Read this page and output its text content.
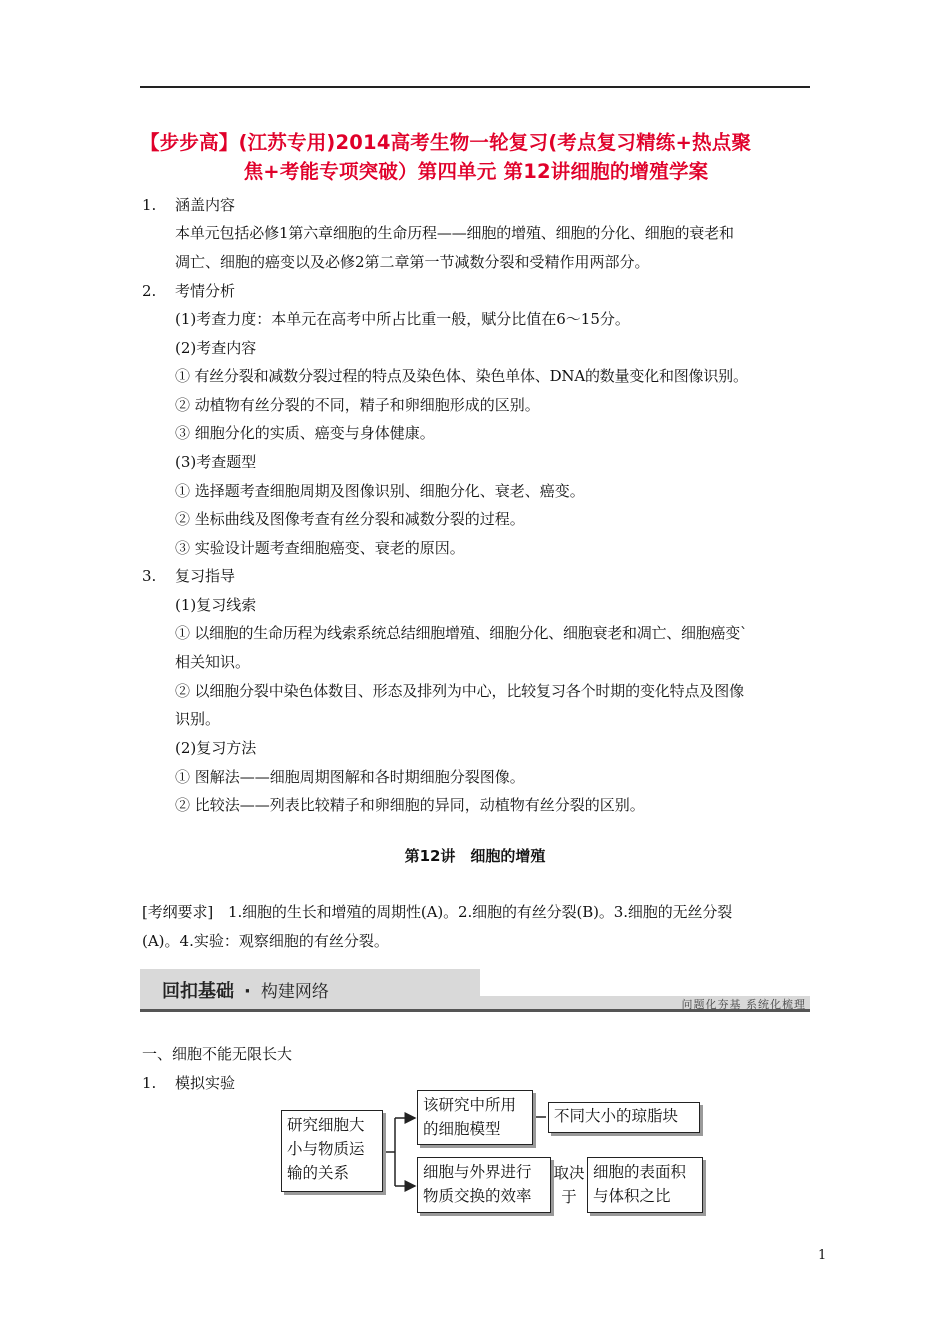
【步步高】(江苏专用)2014高考生物一轮复习(考点复习精练+热点聚
焦+考能专项突破）第四单元 第12讲细胞的增殖学案
1. 涵盖内容
本单元包括必修1第六章细胞的生命历程——细胞的增殖、细胞的分化、细胞的衰老和
凋亡、细胞的癌变以及必修2第二章第一节减数分裂和受精作用两部分。
2. 考情分析
(1)考查力度：本单元在高考中所占比重一般，赋分比值在6～15分。
(2)考查内容
① 有丝分裂和减数分裂过程的特点及染色体、染色单体、DNA的数量变化和图像识别。
② 动植物有丝分裂的不同，精子和卵细胞形成的区别。
③ 细胞分化的实质、癌变与身体健康。
(3)考查题型
① 选择题考查细胞周期及图像识别、细胞分化、衰老、癌变。
② 坐标曲线及图像考查有丝分裂和减数分裂的过程。
③ 实验设计题考查细胞癌变、衰老的原因。
3. 复习指导
(1)复习线索
① 以细胞的生命历程为线索系统总结细胞增殖、细胞分化、细胞衰老和凋亡、细胞癌变`
相关知识。
② 以细胞分裂中染色体数目、形态及排列为中心，比较复习各个时期的变化特点及图像
识别。
(2)复习方法
① 图解法——细胞周期图解和各时期细胞分裂图像。
② 比较法——列表比较精子和卵细胞的异同，动植物有丝分裂的区别。
第12讲　细胞的增殖
[考纲要求]　1.细胞的生长和增殖的周期性(A)。2.细胞的有丝分裂(B)。3.细胞的无丝分裂
(A)。4.实验：观察细胞的有丝分裂。
回扣基础 · 构建网络
问题化夯基 系统化梳理
一、细胞不能无限长大
1. 模拟实验
研究细胞大
小与物质运
输的关系
该研究中所用
的细胞模型
不同大小的琼脂块
细胞与外界进行
物质交换的效率
取决
于
细胞的表面积
与体积之比
1
